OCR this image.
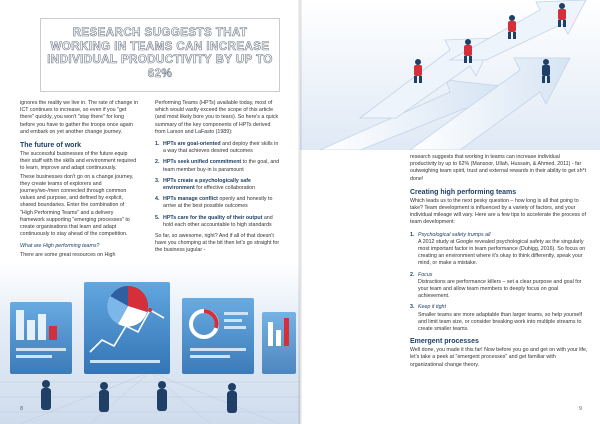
RESEARCH SUGGESTS THAT WORKING IN TEAMS CAN INCREASE INDIVIDUAL PRODUCTIVITY BY UP TO 62%

ignores the reality we live in. The rate of change in ICT continues to increase, so even if you "get there" quickly, you won't "stay there" for long before you have to gather the troops once again and embark on yet another change journey.

The future of work

The successful businesses of the future equip their staff with the skills and environment required to learn, improve and adapt continuously.

These businesses don't go on a change journey, they create teams of explorers and journey/wo-/men connected through common values and purpose, and defined by explicit, shared boundaries. Enter the combination of "High Performing Teams" and a delivery framework supporting "emerging processes" to create organisations that learn and adapt continuously to stay ahead of the competition.

What are High performing teams?

There are some great resources on High

Performing Teams (HPTs) available today, most of which would vastly exceed the scope of this article (and most likely bore you to tears). So here's a quick summary of the key components of HPTs derived from Larson and LaFasto (1989):

1. HPTs are goal-oriented and deploy their skills in a way that achieves desired outcomes
2. HPTs seek unified commitment to the goal, and team member buy-in is paramount
3. HPTs create a psychologically safe environment for effective collaboration
4. HPTs manage conflict openly and honestly to arrive at the best possible outcomes
5. HPTs care for the quality of their output and hold each other accountable to high standards

So far, so awesome, right? And if all of that doesn't have you chomping at the bit then let's go straight for the business jugular -

8

research suggests that working in teams can increase individual productivity by up to 62% (Mansoor, Ullah, Hussain, & Ahmed, 2011) - far outweighing team spirit, trust and external rewards in their ability to get sh*t done!

Creating high performing teams

Which leads us to the next pesky question – how long is all that going to take? Team development is influenced by a variety of factors, and your individual mileage will vary. Here are a few tips to accelerate the process of team development:

1. Psychological safety trumps all
A 2012 study at Google revealed psychological safety as the singularly most important factor in team performance (Duhigg, 2016). So focus on creating an environment where it's okay to think differently, speak your mind, or make a mistake.
2. Focus
Distractions are performance killers – set a clear purpose and goal for your team and allow team members to deeply focus on goal achievement.
3. Keep it tight
Smaller teams are more adaptable than larger teams, so help yourself and limit team size, or consider breaking work into multiple streams to create smaller teams.
Emergent processes

Well done, you made it this far! Now before you go and get on with your life, let's take a peek at "emergent processes" and get familiar with organizational change theory.

9
